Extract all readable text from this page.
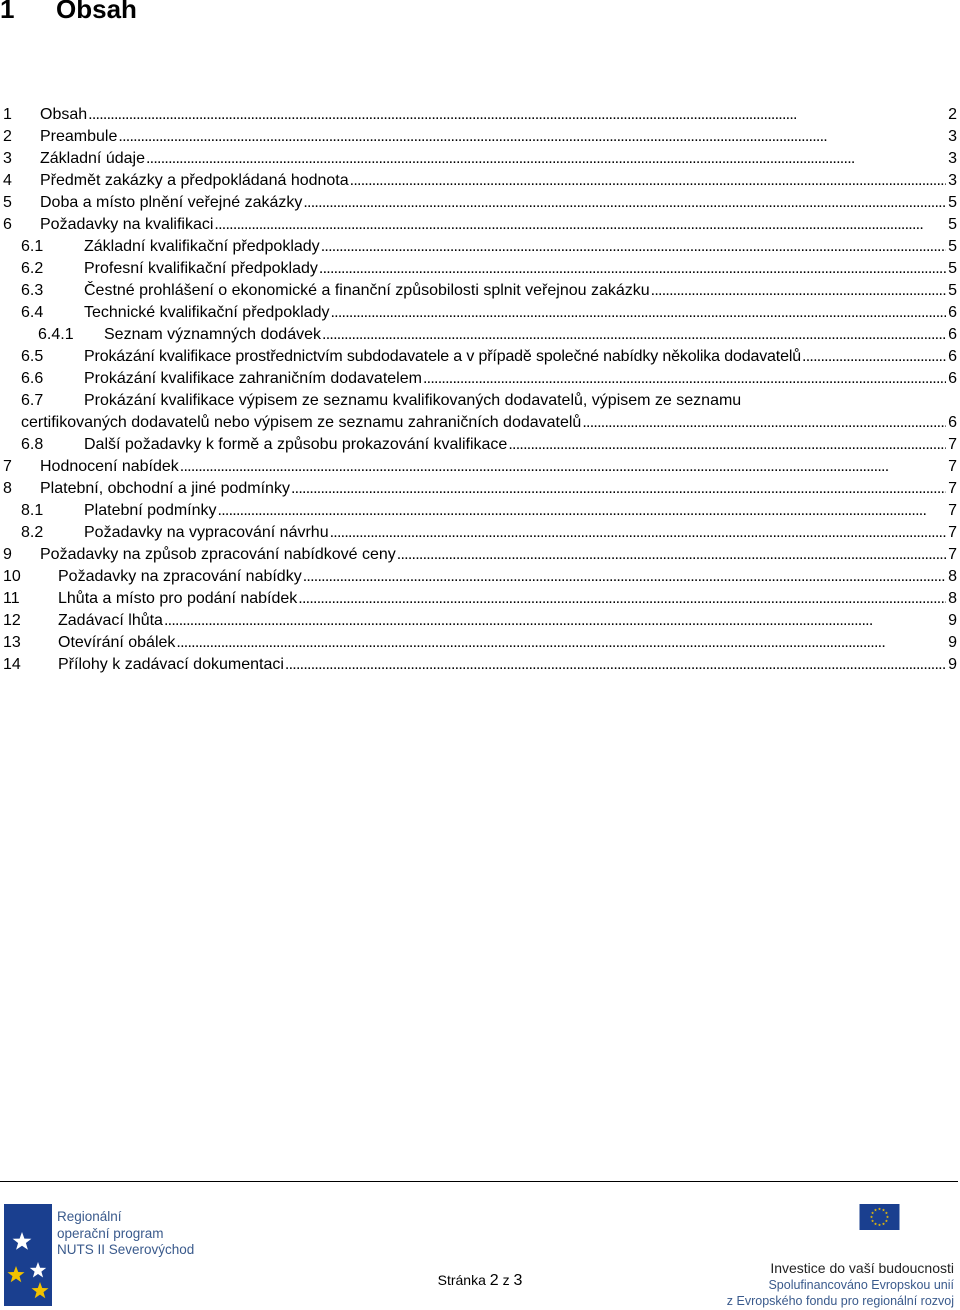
1 Obsah
1	Obsah . . .	2
2	Preambule . . .	3
3	Základní údaje . . .	3
4	Předmět zakázky a předpokládaná hodnota . . .	3
5	Doba a místo plnění veřejné zakázky . . .	5
6	Požadavky na kvalifikaci . . .	5
6.1	Základní kvalifikační předpoklady . . .	5
6.2	Profesní kvalifikační předpoklady . . .	5
6.3	Čestné prohlášení o ekonomické a finanční způsobilosti splnit veřejnou zakázku . . .	5
6.4	Technické kvalifikační předpoklady . . .	6
6.4.1	Seznam významných dodávek . . .	6
6.5	Prokázání kvalifikace prostřednictvím subdodavatele a v případě společné nabídky několika dodavatelů . . .	6
6.6	Prokázání kvalifikace zahraničním dodavatelem . . .	6
6.7	Prokázání kvalifikace výpisem ze seznamu kvalifikovaných dodavatelů, výpisem ze seznamu
certifikovaných dodavatelů nebo výpisem ze seznamu zahraničních dodavatelů . . .	6
6.8	Další požadavky k formě a způsobu prokazování kvalifikace . . .	7
7	Hodnocení nabídek . . .	7
8	Platební, obchodní a jiné podmínky . . .	7
8.1	Platební podmínky . . .	7
8.2	Požadavky na vypracování návrhu . . .	7
9	Požadavky na způsob zpracování nabídkové ceny . . .	7
10	Požadavky na zpracování nabídky . . .	8
11	Lhůta a místo pro podání nabídek . . .	8
12	Zadávací lhůta . . .	9
13	Otevírání obálek . . .	9
14	Přílohy k zadávací dokumentaci . . .	9
Regionální
operační program
NUTS II Severovýchod
Stránka 2 z 3
Investice do vaší budoucnosti
Spolufinancováno Evropskou unií
z Evropského fondu pro regionální rozvoj
